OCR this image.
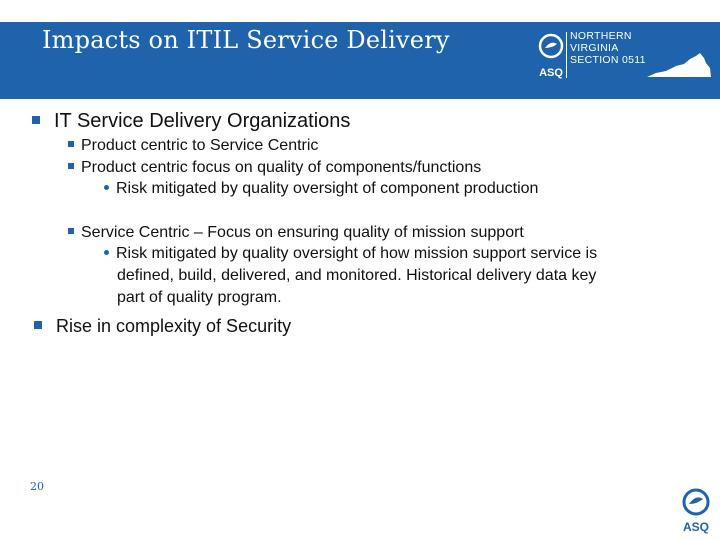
Impacts on ITIL Service Delivery
ASQ
NORTHERN
VIRGINIA
SECTION 0511
IT Service Delivery Organizations
Product centric to Service Centric
Product centric focus on quality of components/functions
Risk mitigated by quality oversight of component production
Service Centric – Focus on ensuring quality of mission support
Risk mitigated by quality oversight of how mission support service is
defined, build, delivered, and monitored. Historical delivery data key
part of quality program.
Rise in complexity of Security
20
ASQ
